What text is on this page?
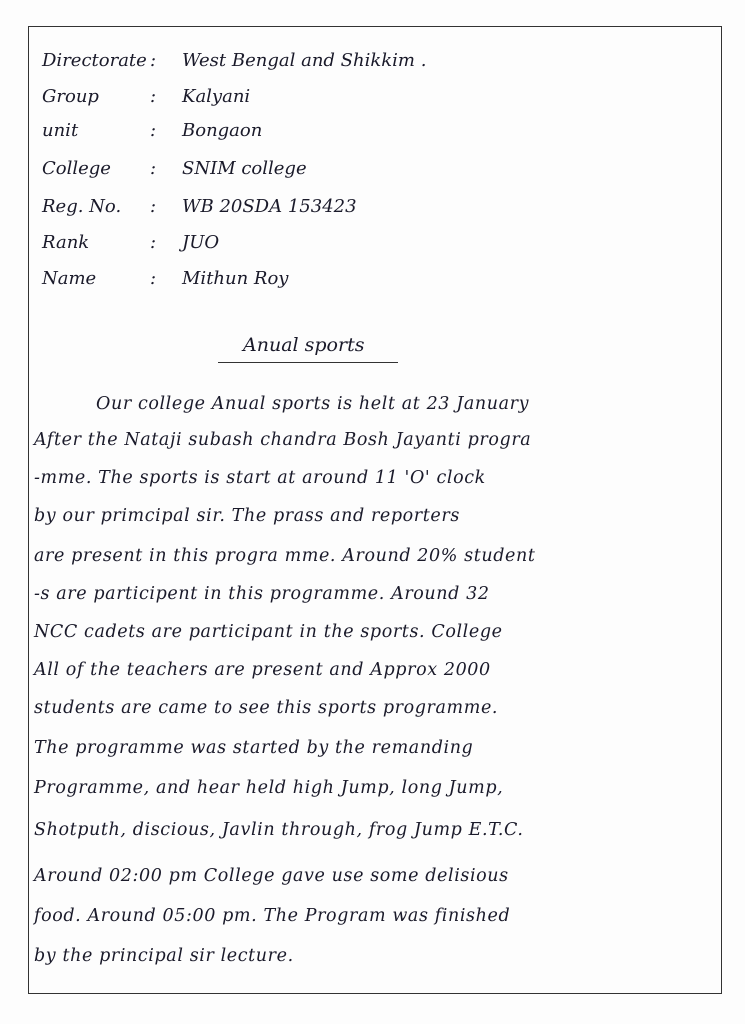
Directorate : West Bengal and Shikkim .
Group	: Kalyani
unit	: Bongaon
College	: SNIM college
Reg. No.	: WB 20SDA 153423
Rank	: JUO
Name	: Mithun Roy
Anual sports
Our college Anual sports is helt at 23 January
After the Nataji subash chandra Bosh Jayanti progra
-mme. The sports is start at around 11 'O' clock
by our primcipal sir. The prass and reporters
are present in this progra mme. Around 20% student
-s are participent in this programme. Around 32
NCC cadets are participant in the sports. College
All of the teachers are present and Approx 2000
students are came to see this sports programme.
The programme was started by the remanding
Programme, and hear held high Jump, long Jump,
Shotputh, discious, Javlin through, frog Jump E.T.C.
Around 02:00 pm College gave use some delisious
food. Around 05:00 pm. The Program was finished
by the principal sir lecture.
